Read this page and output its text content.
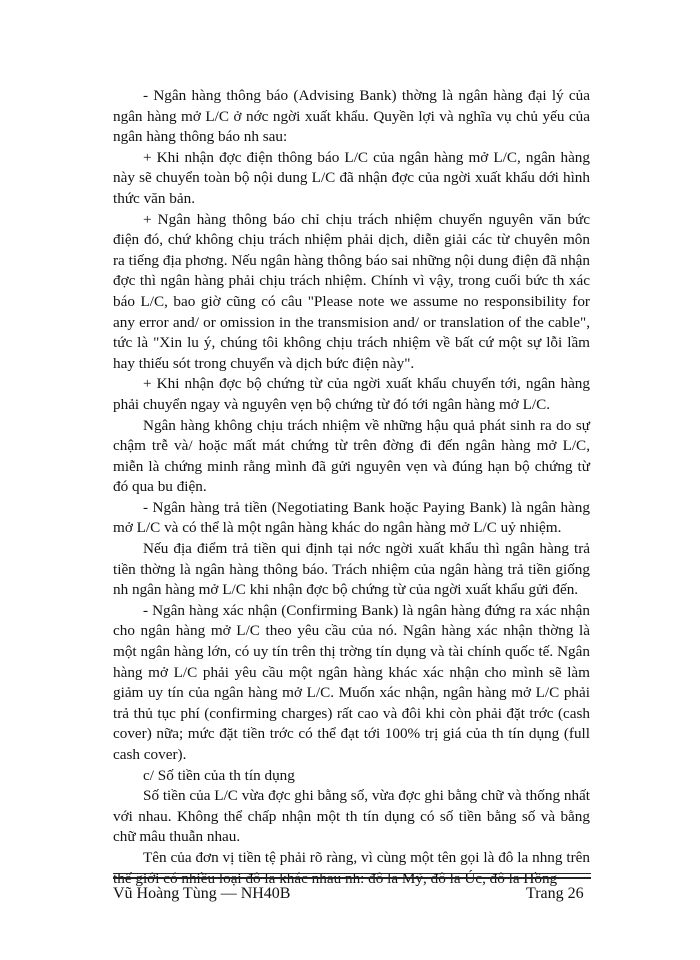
- Ngân hàng thông báo (Advising Bank) thờng là ngân hàng đại lý của ngân hàng mở L/C ở nớc ngời xuất khẩu. Quyền lợi và nghĩa vụ chủ yếu của ngân hàng thông báo nh sau:

+ Khi nhận đợc điện thông báo L/C của ngân hàng mở L/C, ngân hàng này sẽ chuyển toàn bộ nội dung L/C đã nhận đợc của ngời xuất khẩu dới hình thức văn bản.

+ Ngân hàng thông báo chỉ chịu trách nhiệm chuyển nguyên văn bức điện đó, chứ không chịu trách nhiệm phải dịch, diễn giải các từ chuyên môn ra tiếng địa phơng. Nếu ngân hàng thông báo sai những nội dung điện đã nhận đợc thì ngân hàng phải chịu trách nhiệm. Chính vì vậy, trong cuối bức th xác báo L/C, bao giờ cũng có câu "Please note we assume no responsibility for any error and/ or omission in the transmision and/ or translation of the cable", tức là "Xin lu ý, chúng tôi không chịu trách nhiệm về bất cứ một sự lỗi lầm hay thiếu sót trong chuyển và dịch bức điện này".

+ Khi nhận đợc bộ chứng từ của ngời xuất khẩu chuyển tới, ngân hàng phải chuyển ngay và nguyên vẹn bộ chứng từ đó tới ngân hàng mở L/C.

Ngân hàng không chịu trách nhiệm về những hậu quả phát sinh ra do sự chậm trễ và/ hoặc mất mát chứng từ trên đờng đi đến ngân hàng mở L/C, miễn là chứng minh rằng mình đã gửi nguyên vẹn và đúng hạn bộ chứng từ đó qua bu điện.

- Ngân hàng trả tiền (Negotiating Bank hoặc Paying Bank) là ngân hàng mở L/C và có thể là một ngân hàng khác do ngân hàng mở L/C uỷ nhiệm.

Nếu địa điểm trả tiền qui định tại nớc ngời xuất khẩu thì ngân hàng trả tiền thờng là ngân hàng thông báo. Trách nhiệm của ngân hàng trả tiền giống nh ngân hàng mở L/C khi nhận đợc bộ chứng từ của ngời xuất khẩu gửi đến.

- Ngân hàng xác nhận (Confirming Bank) là ngân hàng đứng ra xác nhận cho ngân hàng mở L/C theo yêu cầu của nó. Ngân hàng xác nhận thờng là một ngân hàng lớn, có uy tín trên thị trờng tín dụng và tài chính quốc tế. Ngân hàng mở L/C phải yêu cầu một ngân hàng khác xác nhận cho mình sẽ làm giảm uy tín của ngân hàng mở L/C. Muốn xác nhận, ngân hàng mở L/C phải trả thủ tục phí (confirming charges) rất cao và đôi khi còn phải đặt trớc (cash cover) nữa; mức đặt tiền trớc có thể đạt tới 100% trị giá của th tín dụng (full cash cover).

c/ Số tiền của th tín dụng

Số tiền của L/C vừa đợc ghi bằng số, vừa đợc ghi bằng chữ và thống nhất với nhau. Không thể chấp nhận một th tín dụng có số tiền bằng số và bằng chữ mâu thuẫn nhau.

Tên của đơn vị tiền tệ phải rõ ràng, vì cùng một tên gọi là đô la nhng trên thế giới có nhiều loại đô la khác nhau nh: đô la Mỹ, đô la Úc, đô la Hồng

Vũ Hoàng Tùng — NH40B	Trang 26
